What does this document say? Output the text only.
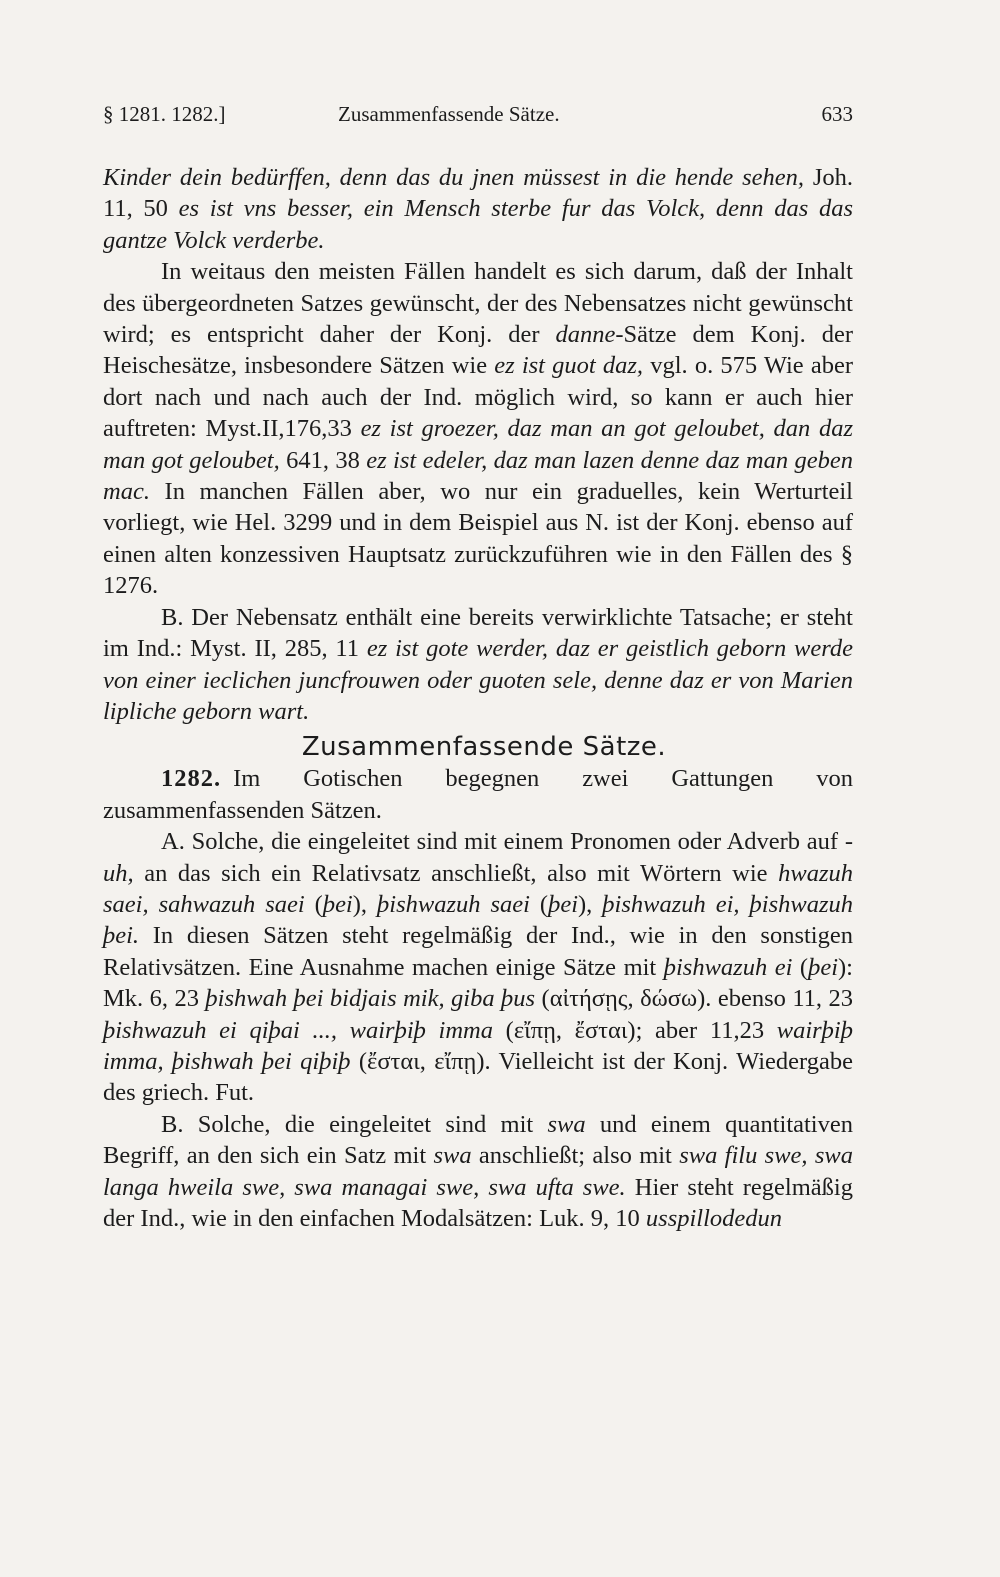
§ 1281. 1282.]	Zusammenfassende Sätze.	633

Kinder dein bedürffen, denn das du jnen müssest in die hende sehen, Joh. 11, 50 es ist vns besser, ein Mensch sterbe fur das Volck, denn das das gantze Volck verderbe.

In weitaus den meisten Fällen handelt es sich darum, daß der Inhalt des übergeordneten Satzes gewünscht, der des Nebensatzes nicht gewünscht wird; es entspricht daher der Konj. der danne-Sätze dem Konj. der Heischesätze, insbesondere Sätzen wie ez ist guot daz, vgl. o. 575 Wie aber dort nach und nach auch der Ind. möglich wird, so kann er auch hier auftreten: Myst.II,176,33 ez ist groezer, daz man an got geloubet, dan daz man got geloubet, 641, 38 ez ist edeler, daz man lazen denne daz man geben mac. In manchen Fällen aber, wo nur ein graduelles, kein Werturteil vorliegt, wie Hel. 3299 und in dem Beispiel aus N. ist der Konj. ebenso auf einen alten konzessiven Hauptsatz zurückzuführen wie in den Fällen des § 1276.

B. Der Nebensatz enthält eine bereits verwirklichte Tatsache; er steht im Ind.: Myst. II, 285, 11 ez ist gote werder, daz er geistlich geborn werde von einer ieclichen juncfrouwen oder guoten sele, denne daz er von Marien lipliche geborn wart.

Zusammenfassende Sätze.

1282. Im Gotischen begegnen zwei Gattungen von zusammenfassenden Sätzen.

A. Solche, die eingeleitet sind mit einem Pronomen oder Adverb auf -uh, an das sich ein Relativsatz anschließt, also mit Wörtern wie hwazuh saei, sahwazuh saei (þei), þishwazuh saei (þei), þishwazuh ei, þishwazuh þei. In diesen Sätzen steht regelmäßig der Ind., wie in den sonstigen Relativsätzen. Eine Ausnahme machen einige Sätze mit þishwazuh ei (þei): Mk. 6, 23 þishwah þei bidjais mik, giba þus (αἰτήσῃς, δώσω). ebenso 11, 23 þishwazuh ei qiþai ..., wairþiþ imma (εἴπῃ, ἔσται); aber 11,23 wairþiþ imma, þishwah þei qiþiþ (ἔσται, εἴπῃ). Vielleicht ist der Konj. Wiedergabe des griech. Fut.

B. Solche, die eingeleitet sind mit swa und einem quantitativen Begriff, an den sich ein Satz mit swa anschließt; also mit swa filu swe, swa langa hweila swe, swa managai swe, swa ufta swe. Hier steht regelmäßig der Ind., wie in den einfachen Modalsätzen: Luk. 9, 10 usspillodedun
